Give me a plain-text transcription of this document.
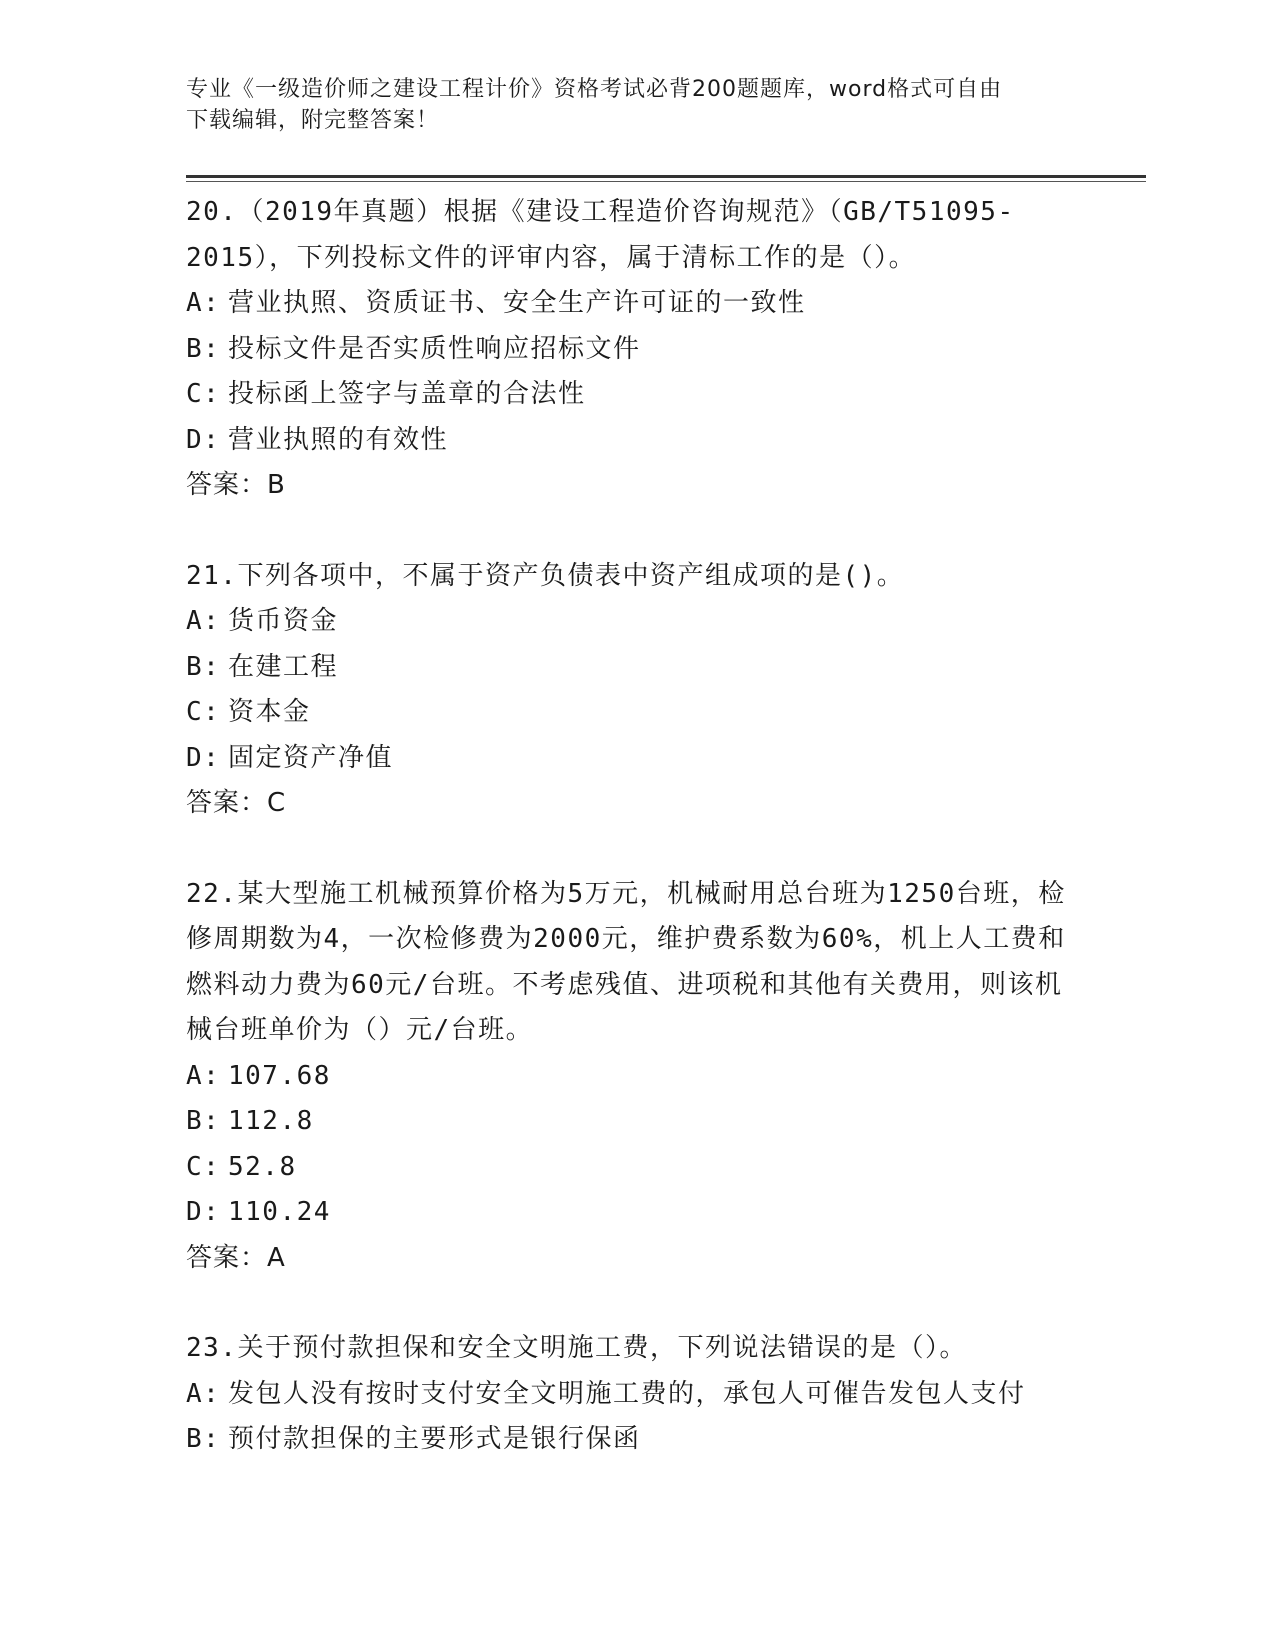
专业《一级造价师之建设工程计价》资格考试必背200题题库，word格式可自由
下载编辑，附完整答案！

20.（2019年真题）根据《建设工程造价咨询规范》（GB/T51095-2015），下列投标文件的评审内容，属于清标工作的是（）。

A: 营业执照、资质证书、安全生产许可证的一致性

B: 投标文件是否实质性响应招标文件

C: 投标函上签字与盖章的合法性

D: 营业执照的有效性

答案：B

21.下列各项中，不属于资产负债表中资产组成项的是()。

A: 货币资金

B: 在建工程

C: 资本金

D: 固定资产净值

答案：C

22.某大型施工机械预算价格为5万元，机械耐用总台班为1250台班，检修周期数为4，一次检修费为2000元，维护费系数为60%，机上人工费和燃料动力费为60元/台班。不考虑残值、进项税和其他有关费用，则该机械台班单价为（）元/台班。

A: 107.68

B: 112.8

C: 52.8

D: 110.24

答案：A

23.关于预付款担保和安全文明施工费，下列说法错误的是（）。

A: 发包人没有按时支付安全文明施工费的，承包人可催告发包人支付

B: 预付款担保的主要形式是银行保函
